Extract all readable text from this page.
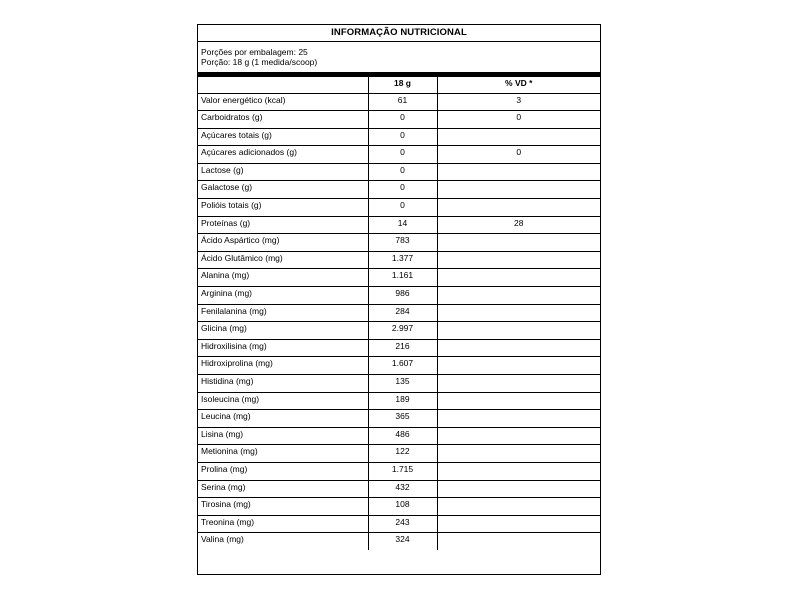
INFORMAÇÃO NUTRICIONAL
Porções por embalagem: 25
Porção: 18 g (1 medida/scoop)
	18 g	% VD *
Valor energético (kcal)	61	3
Carboidratos (g)	0	0
Açúcares totais (g)	0	
Açúcares adicionados (g)	0	0
Lactose (g)	0	
Galactose (g)	0	
Polióis totais (g)	0	
Proteínas (g)	14	28
Ácido Aspártico (mg)	783	
Ácido Glutâmico (mg)	1.377	
Alanina (mg)	1.161	
Arginina (mg)	986	
Fenilalanina (mg)	284	
Glicina (mg)	2.997	
Hidroxilisina (mg)	216	
Hidroxiprolina (mg)	1.607	
Histidina (mg)	135	
Isoleucina (mg)	189	
Leucina (mg)	365	
Lisina (mg)	486	
Metionina (mg)	122	
Prolina (mg)	1.715	
Serina (mg)	432	
Tirosina (mg)	108	
Treonina (mg)	243	
Valina (mg)	324	
